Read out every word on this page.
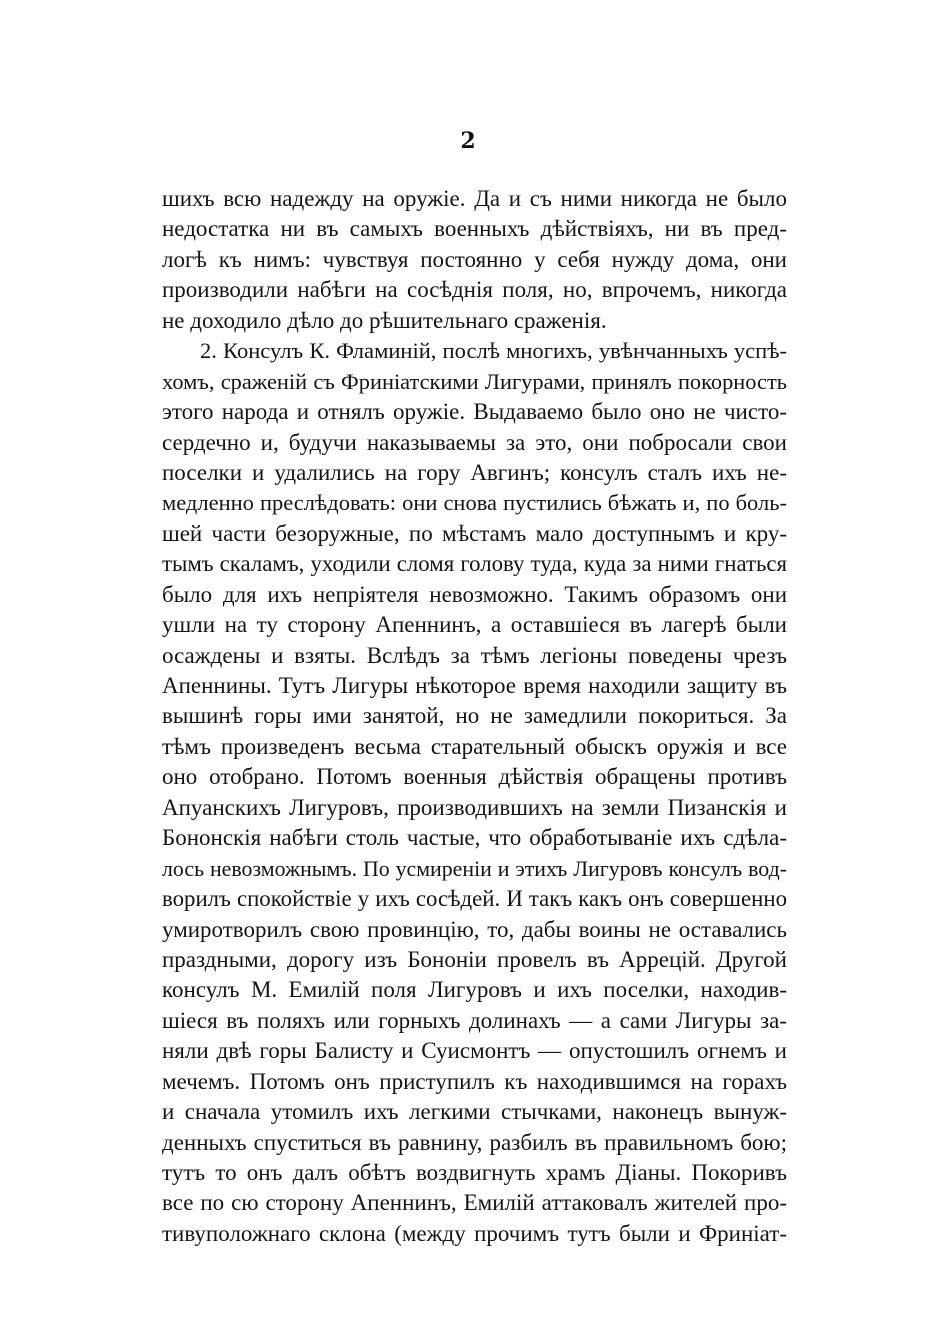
2
шихъ всю надежду на оружіе. Да и съ ними никогда не было
недостатка ни въ самыхъ военныхъ дѣйствіяхъ, ни въ пред-
логѣ къ нимъ: чувствуя постоянно у себя нужду дома, они
производили набѣги на сосѣднія поля, но, впрочемъ, никогда
не доходило дѣло до рѣшительнаго сраженія.
2. Консулъ К. Фламиній, послѣ многихъ, увѣнчанныхъ успѣ-
хомъ, сраженій съ Фриніатскими Лигурами, принялъ покорность
этого народа и отнялъ оружіе. Выдаваемо было оно не чисто-
сердечно и, будучи наказываемы за это, они побросали свои
поселки и удалились на гору Авгинъ; консулъ сталъ ихъ не-
медленно преслѣдовать: они снова пустились бѣжать и, по боль-
шей части безоружные, по мѣстамъ мало доступнымъ и кру-
тымъ скаламъ, уходили сломя голову туда, куда за ними гнаться
было для ихъ непріятеля невозможно. Такимъ образомъ они
ушли на ту сторону Апеннинъ, а оставшіеся въ лагерѣ были
осаждены и взяты. Вслѣдъ за тѣмъ легіоны поведены чрезъ
Апеннины. Тутъ Лигуры нѣкоторое время находили защиту въ
вышинѣ горы ими занятой, но не замедлили покориться. За
тѣмъ произведенъ весьма старательный обыскъ оружія и все
оно отобрано. Потомъ военныя дѣйствія обращены противъ
Апуанскихъ Лигуровъ, производившихъ на земли Пизанскія и
Бононскія набѣги столь частые, что обработываніе ихъ сдѣла-
лось невозможнымъ. По усмиреніи и этихъ Лигуровъ консулъ вод-
ворилъ спокойствіе у ихъ сосѣдей. И такъ какъ онъ совершенно
умиротворилъ свою провинцію, то, дабы воины не оставались
праздными, дорогу изъ Бононіи провелъ въ Аррецій. Другой
консулъ М. Емилій поля Лигуровъ и ихъ поселки, находив-
шіеся въ поляхъ или горныхъ долинахъ — а сами Лигуры за-
няли двѣ горы Балисту и Суисмонтъ — опустошилъ огнемъ и
мечемъ. Потомъ онъ приступилъ къ находившимся на горахъ
и сначала утомилъ ихъ легкими стычками, наконецъ вынуж-
денныхъ спуститься въ равнину, разбилъ въ правильномъ бою;
тутъ то онъ далъ обѣтъ воздвигнуть храмъ Діаны. Покоривъ
все по сю сторону Апеннинъ, Емилій аттаковалъ жителей про-
тивуположнаго склона (между прочимъ тутъ были и Фриніат-
